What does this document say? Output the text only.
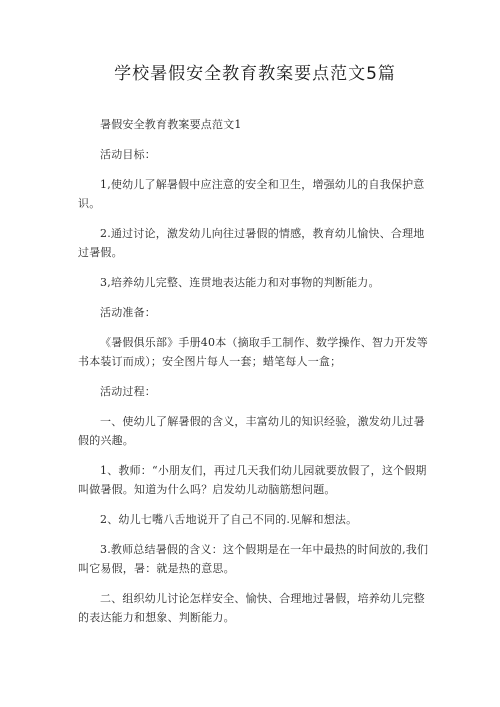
学校暑假安全教育教案要点范文5篇

暑假安全教育教案要点范文1

活动目标：

1,使幼儿了解暑假中应注意的安全和卫生，增强幼儿的自我保护意识。

2.通过讨论，激发幼儿向往过暑假的情感，教育幼儿愉快、合理地过暑假。

3,培养幼儿完整、连贯地表达能力和对事物的判断能力。

活动准备：

《暑假俱乐部》手册40本（摘取手工制作、数学操作、智力开发等书本装订而成）；安全图片每人一套；蜡笔每人一盒；

活动过程：

一、使幼儿了解暑假的含义，丰富幼儿的知识经验，激发幼儿过暑假的兴趣。

1、教师：“小朋友们，再过几天我们幼儿园就要放假了，这个假期叫做暑假。知道为什么吗？启发幼儿动脑筋想问题。

2、幼儿七嘴八舌地说开了自己不同的.见解和想法。

3.教师总结暑假的含义：这个假期是在一年中最热的时间放的,我们叫它易假，暑：就是热的意思。

二、组织幼儿讨论怎样安全、愉快、合理地过暑假，培养幼儿完整的表达能力和想象、判断能力。
